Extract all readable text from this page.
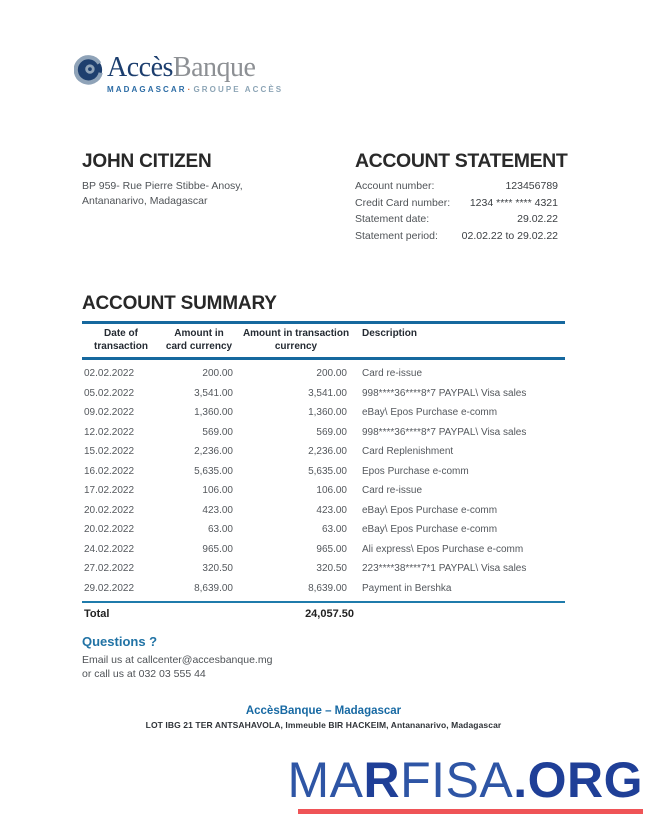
AccèsBanque
MADAGASCAR·GROUPE ACCÈS
JOHN CITIZEN
BP 959- Rue Pierre Stibbe- Anosy,
Antananarivo, Madagascar
ACCOUNT STATEMENT
Account number:	123456789
Credit Card number: 1234 **** **** 4321
Statement date:	29.02.22
Statement period: 02.02.22 to 29.02.22
ACCOUNT SUMMARY
Date of
transaction
Amount in
card currency
Amount in transaction
currency
Description
02.02.2022	200.00	200.00	Card re-issue
05.02.2022	3,541.00	3,541.00	998****36****8*7 PAYPAL\ Visa sales
09.02.2022	1,360.00	1,360.00	eBay\ Epos Purchase e-comm
12.02.2022	569.00	569.00	998****36****8*7 PAYPAL\ Visa sales
15.02.2022	2,236.00	2,236.00	Card Replenishment
16.02.2022	5,635.00	5,635.00	Epos Purchase e-comm
17.02.2022	106.00	106.00	Card re-issue
20.02.2022	423.00	423.00	eBay\ Epos Purchase e-comm
20.02.2022	63.00	63.00	eBay\ Epos Purchase e-comm
24.02.2022	965.00	965.00	Ali express\ Epos Purchase e-comm
27.02.2022	320.50	320.50	223****38****7*1 PAYPAL\ Visa sales
29.02.2022	8,639.00	8,639.00	Payment in Bershka
Total	24,057.50
Questions ?
Email us at callcenter@accesbanque.mg
or call us at 032 03 555 44
AccèsBanque – Madagascar
LOT IBG 21 TER ANTSAHAVOLA, Immeuble BIR HACKEIM, Antananarivo, Madagascar
MARFISA.ORG
